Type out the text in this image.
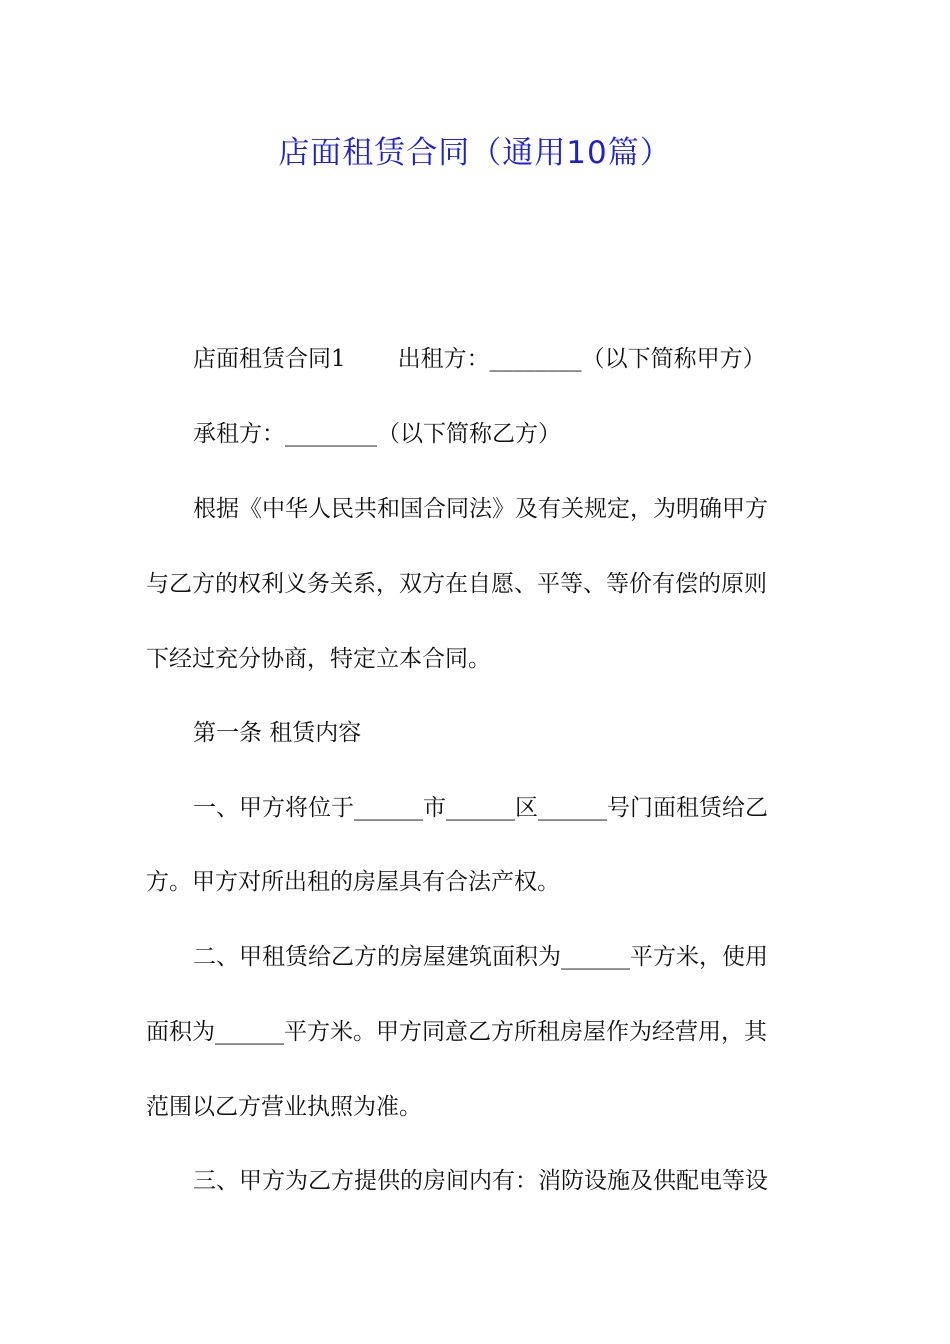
店面租赁合同（通用10篇）
店面租赁合同1 出租方：________（以下简称甲方）
承租方：________（以下简称乙方）
根据《中华人民共和国合同法》及有关规定，为明确甲方
与乙方的权利义务关系，双方在自愿、平等、等价有偿的原则
下经过充分协商，特定立本合同。
第一条 租赁内容
一、甲方将位于______市______区______号门面租赁给乙
方。甲方对所出租的房屋具有合法产权。
二、甲租赁给乙方的房屋建筑面积为______平方米，使用
面积为______平方米。甲方同意乙方所租房屋作为经营用，其
范围以乙方营业执照为准。
三、甲方为乙方提供的房间内有：消防设施及供配电等设
